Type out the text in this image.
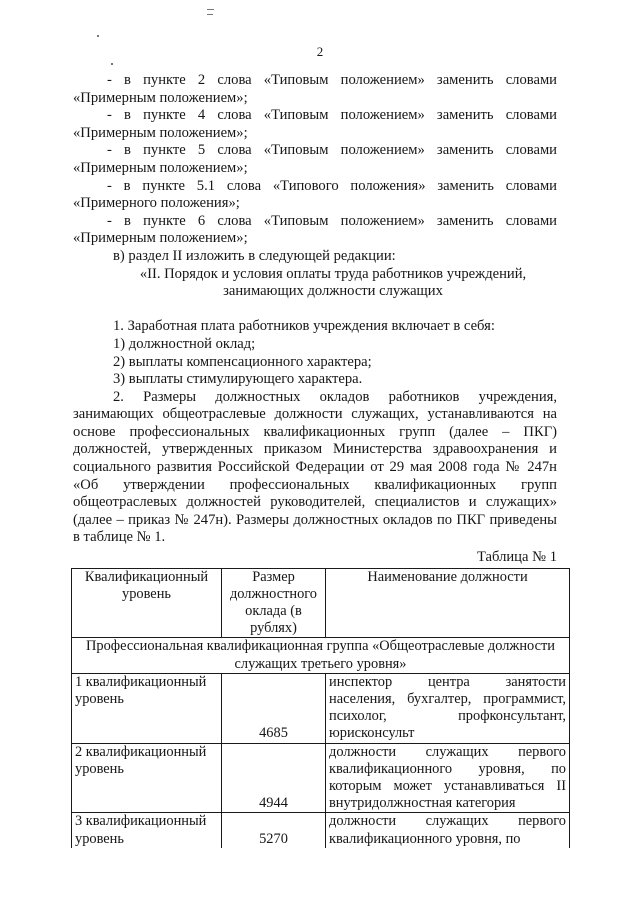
2

- в пункте 2 слова «Типовым положением» заменить словами «Примерным положением»;

- в пункте 4 слова «Типовым положением» заменить словами «Примерным положением»;

- в пункте 5 слова «Типовым положением» заменить словами «Примерным положением»;

- в пункте 5.1 слова «Типового положения» заменить словами «Примерного положения»;

- в пункте 6 слова «Типовым положением» заменить словами «Примерным положением»;

в) раздел II изложить в следующей редакции:

«II. Порядок и условия оплаты труда работников учреждений, занимающих должности служащих

1. Заработная плата работников учреждения включает в себя:

1) должностной оклад;

2) выплаты компенсационного характера;

3) выплаты стимулирующего характера.

2. Размеры должностных окладов работников учреждения, занимающих общеотраслевые должности служащих, устанавливаются на основе профессиональных квалификационных групп (далее – ПКГ) должностей, утвержденных приказом Министерства здравоохранения и социального развития Российской Федерации от 29 мая 2008 года № 247н «Об утверждении профессиональных квалификационных групп общеотраслевых должностей руководителей, специалистов и служащих» (далее – приказ № 247н). Размеры должностных окладов по ПКГ приведены в таблице № 1.

Таблица № 1

Квалификационный уровень	Размер должностного оклада (в рублях)	Наименование должности
Профессиональная квалификационная группа «Общеотраслевые должности служащих третьего уровня»		
1 квалификационный уровень	4685	инспектор центра занятости населения, бухгалтер, программист, психолог, профконсультант, юрисконсульт
2 квалификационный уровень	4944	должности служащих первого квалификационного уровня, по которым может устанавливаться II внутридолжностная категория
3 квалификационный уровень	5270	должности служащих первого квалификационного уровня, по
